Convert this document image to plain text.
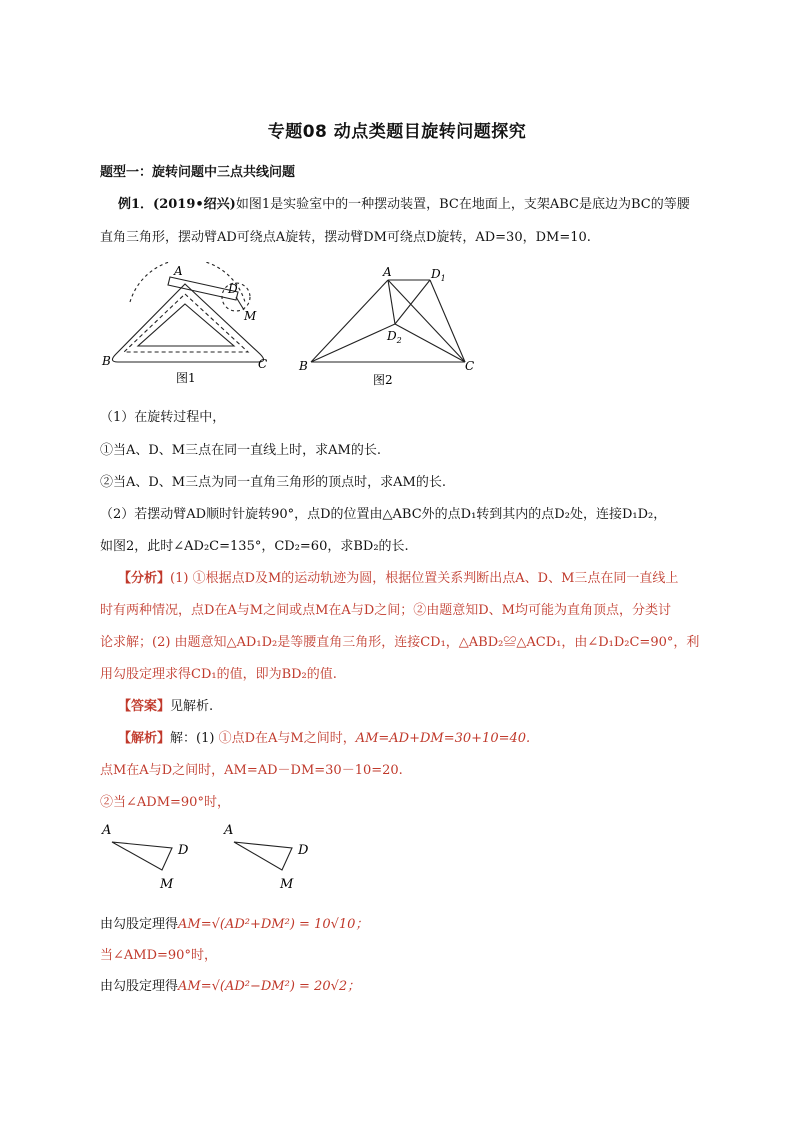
专题08 动点类题目旋转问题探究
题型一：旋转问题中三点共线问题
例1．(2019•绍兴)如图1是实验室中的一种摆动装置，BC在地面上，支架ABC是底边为BC的等腰
直角三角形，摆动臂AD可绕点A旋转，摆动臂DM可绕点D旋转，AD=30，DM=10.
A
D
M
B	C
图1
A	$D_1$
$D_2$
B	C
图2
（1）在旋转过程中，
①当A、D、M三点在同一直线上时，求AM的长.
②当A、D、M三点为同一直角三角形的顶点时，求AM的长.
（2）若摆动臂AD顺时针旋转90°，点D的位置由△ABC外的点D₁转到其内的点D₂处，连接D₁D₂，
如图2，此时∠AD₂C=135°，CD₂=60，求BD₂的长.
【分析】(1) ①根据点D及M的运动轨迹为圆，根据位置关系判断出点A、D、M三点在同一直线上
时有两种情况，点D在A与M之间或点M在A与D之间；②由题意知D、M均可能为直角顶点，分类讨
论求解；(2) 由题意知△AD₁D₂是等腰直角三角形，连接CD₁，△ABD₂≌△ACD₁，由∠D₁D₂C=90°，利
用勾股定理求得CD₁的值，即为BD₂的值.
【答案】见解析.
【解析】解：(1) ①点D在A与M之间时，AM=AD+DM=30+10=40.
点M在A与D之间时，AM=AD－DM=30－10=20.
②当∠ADM=90°时，
A
D
M
A
D
M
由勾股定理得AM=√(AD²+DM²) = 10√10；
当∠AMD=90°时，
由勾股定理得AM=√(AD²−DM²) = 20√2；
